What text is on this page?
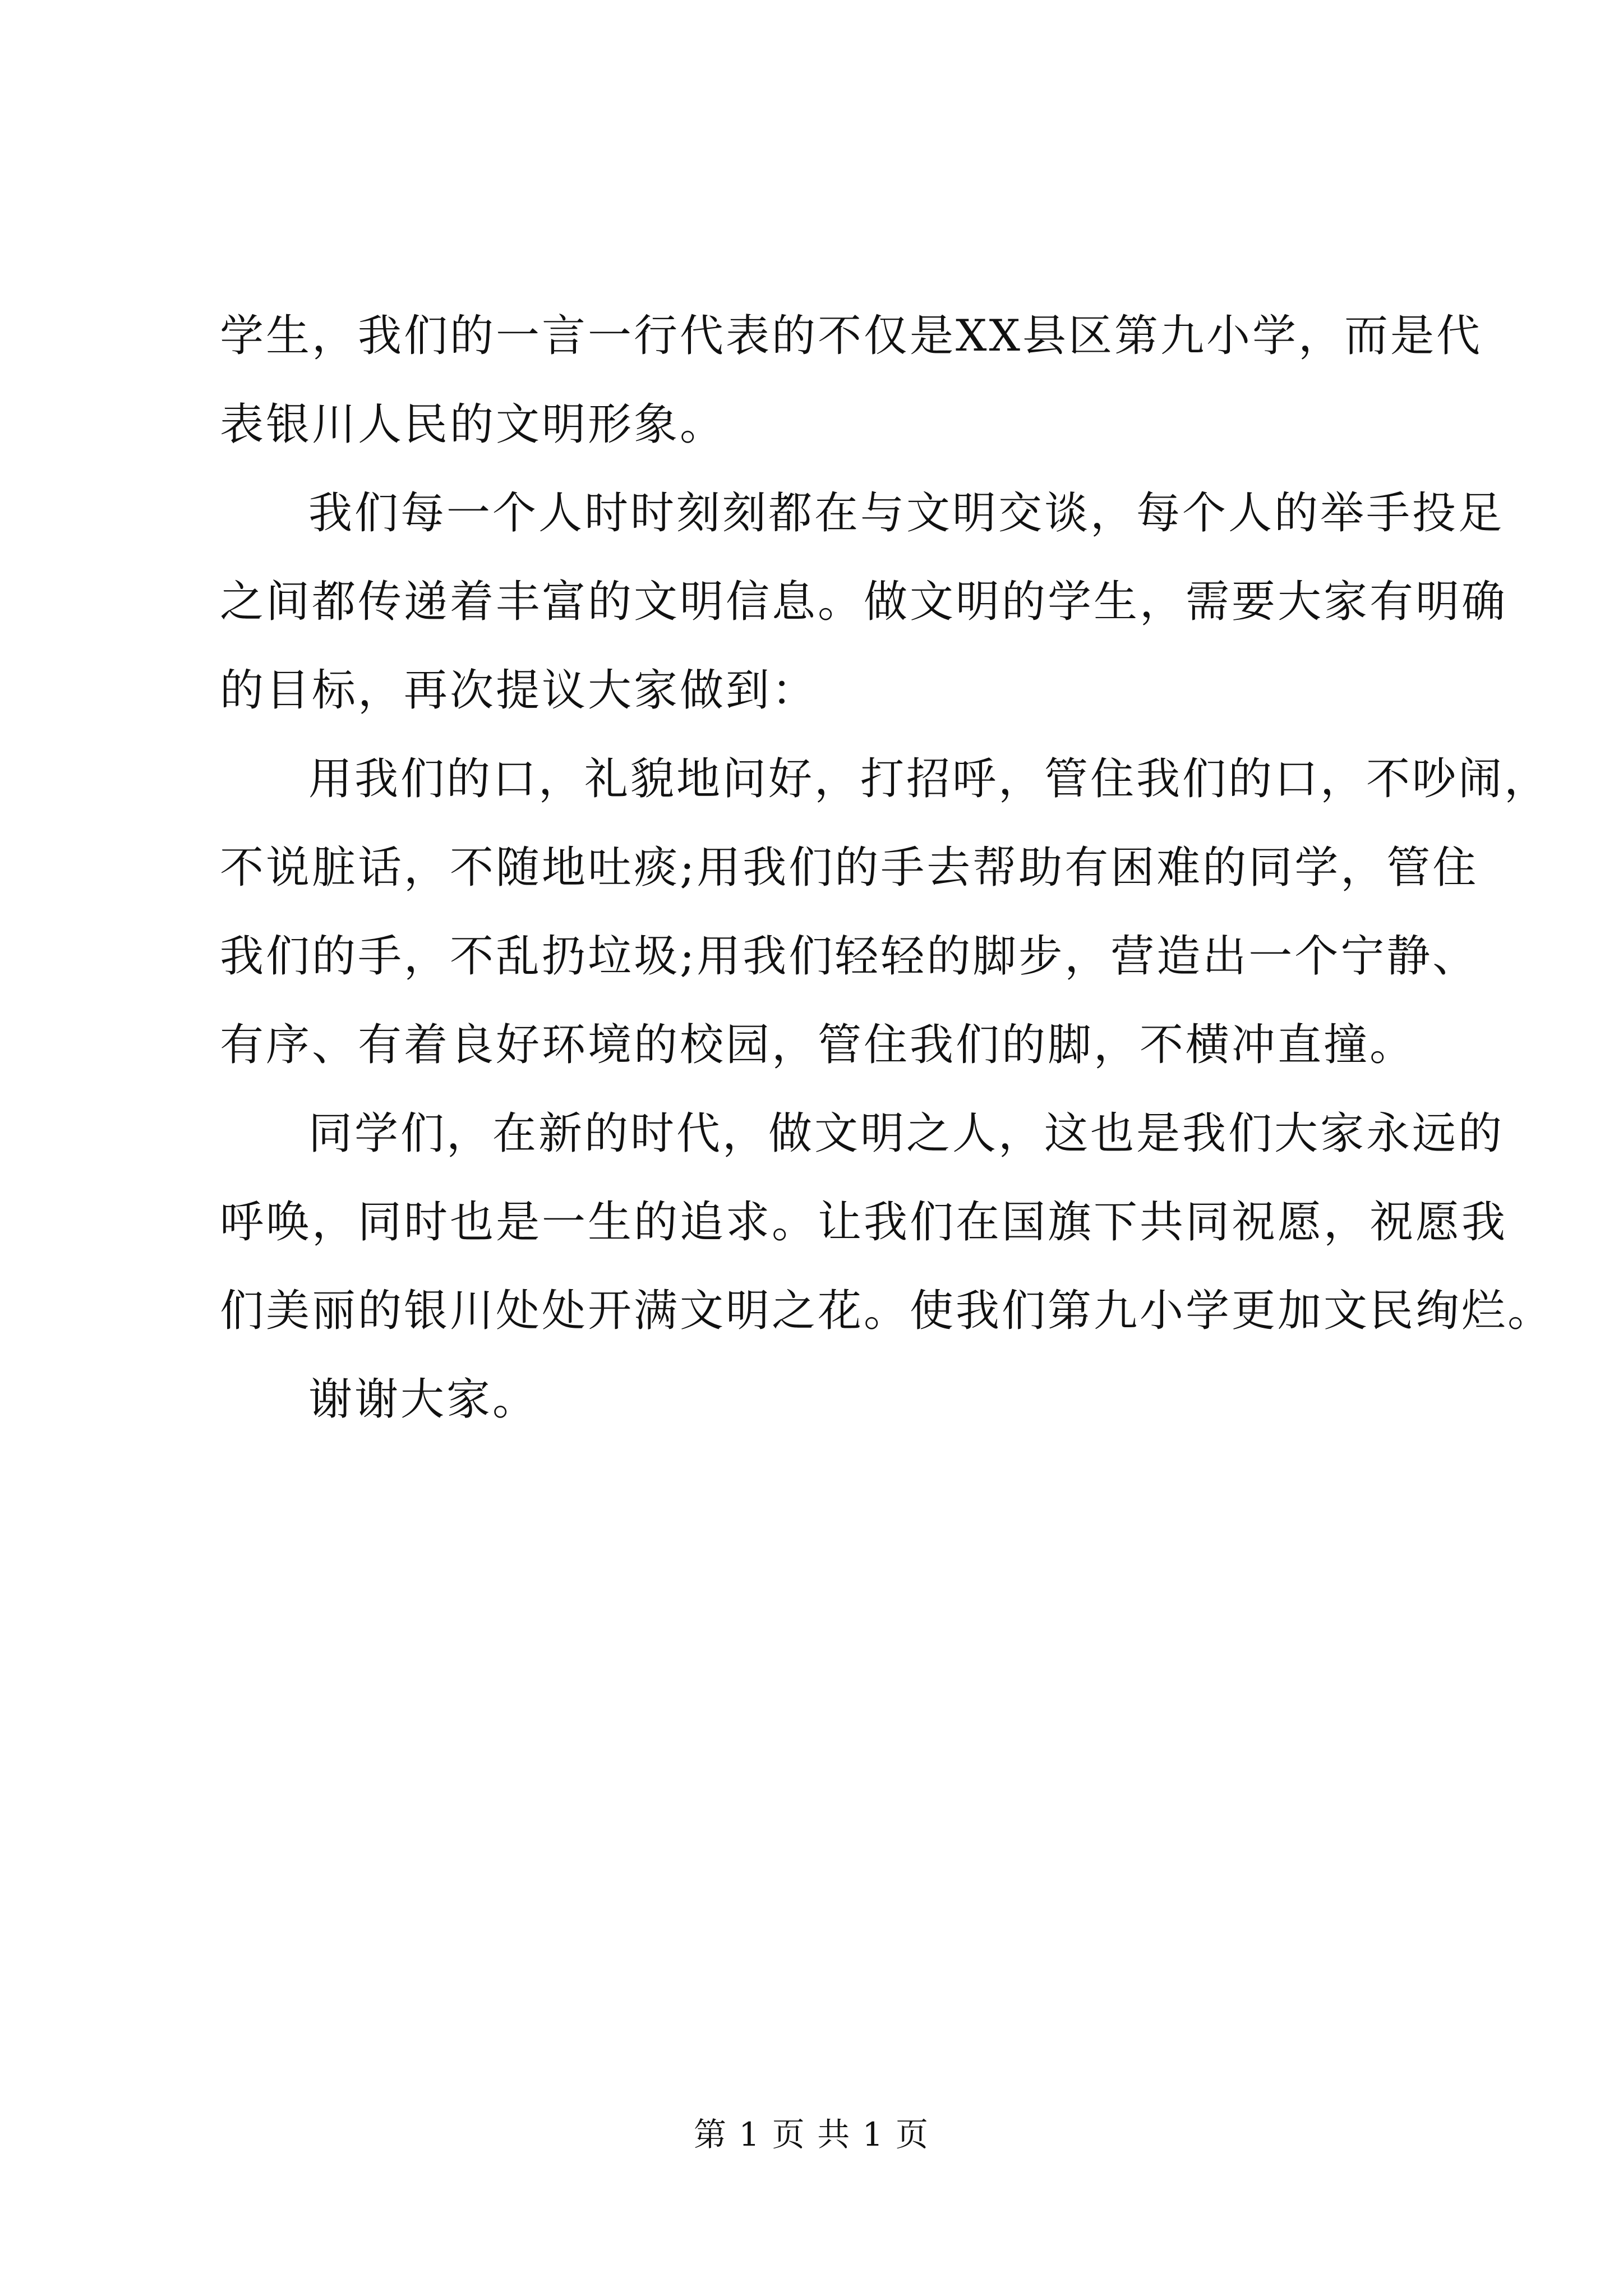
学生，我们的一言一行代表的不仅是XX县区第九小学，而是代
表银川人民的文明形象。
我们每一个人时时刻刻都在与文明交谈，每个人的举手投足
之间都传递着丰富的文明信息。做文明的学生，需要大家有明确
的目标，再次提议大家做到：
用我们的口，礼貌地问好，打招呼，管住我们的口，不吵闹，
不说脏话，不随地吐痰;用我们的手去帮助有困难的同学，管住
我们的手，不乱扔垃圾;用我们轻轻的脚步，营造出一个宁静、
有序、有着良好环境的校园，管住我们的脚，不横冲直撞。
同学们，在新的时代，做文明之人，这也是我们大家永远的
呼唤，同时也是一生的追求。让我们在国旗下共同祝愿，祝愿我
们美丽的银川处处开满文明之花。使我们第九小学更加文民绚烂。
谢谢大家。
第 1 页 共 1 页
